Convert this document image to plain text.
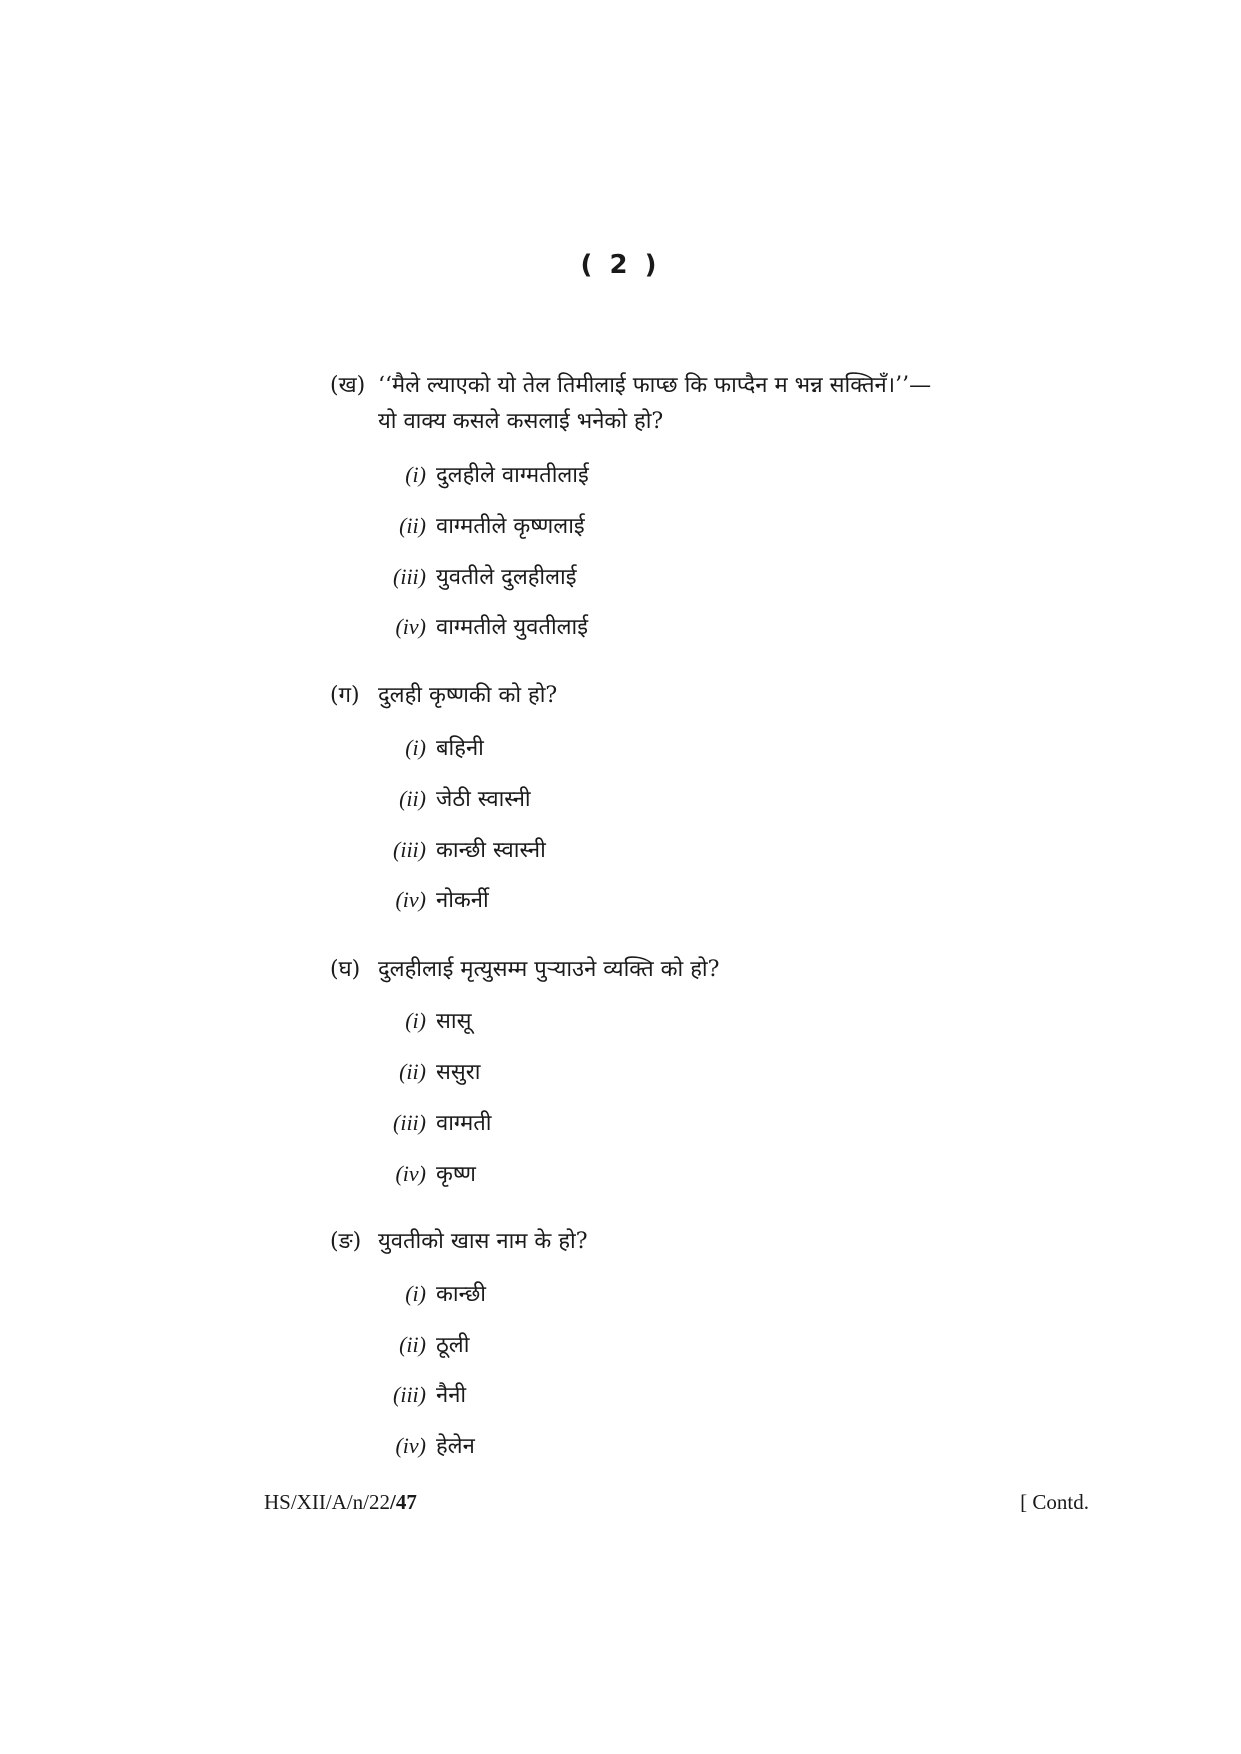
( 2 )
(ख) ‘‘मैले ल्याएको यो तेल तिमीलाई फाप्छ कि फाप्दैन म भन्न सक्तिनँ।’’—
यो वाक्य कसले कसलाई भनेको हो?
(i) दुलहीले वाग्मतीलाई
(ii) वाग्मतीले कृष्णलाई
(iii) युवतीले दुलहीलाई
(iv) वाग्मतीले युवतीलाई
(ग) दुलही कृष्णकी को हो?
(i) बहिनी
(ii) जेठी स्वास्नी
(iii) कान्छी स्वास्नी
(iv) नोकर्नी
(घ) दुलहीलाई मृत्युसम्म पुऱ्याउने व्यक्ति को हो?
(i) सासू
(ii) ससुरा
(iii) वाग्मती
(iv) कृष्ण
(ङ) युवतीको खास नाम के हो?
(i) कान्छी
(ii) ठूली
(iii) नैनी
(iv) हेलेन
HS/XII/A/n/22/47	[ Contd.
